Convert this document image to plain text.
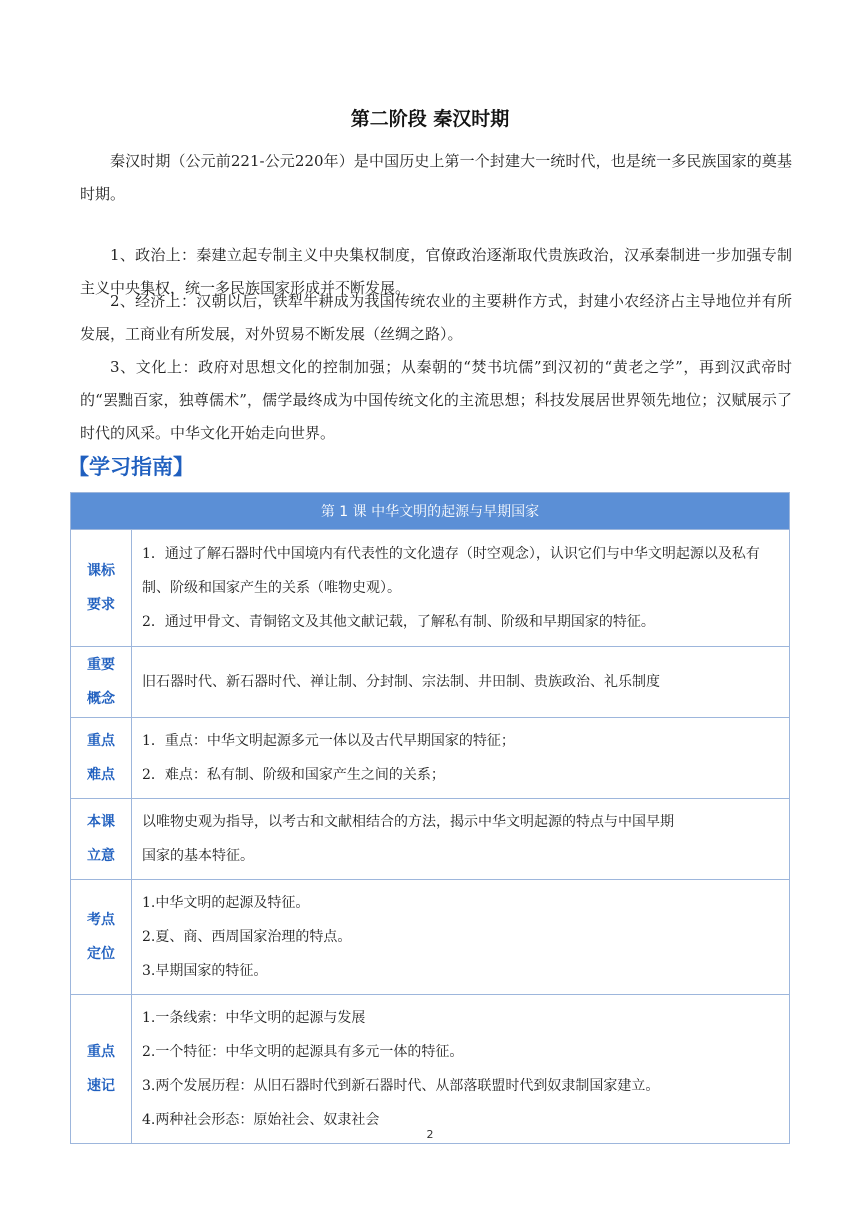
第二阶段 秦汉时期

秦汉时期（公元前221-公元220年）是中国历史上第一个封建大一统时代，也是统一多民族国家的奠基时期。

1、政治上：秦建立起专制主义中央集权制度，官僚政治逐渐取代贵族政治，汉承秦制进一步加强专制主义中央集权，统一多民族国家形成并不断发展。

2、经济上：汉朝以后，铁犁牛耕成为我国传统农业的主要耕作方式，封建小农经济占主导地位并有所发展，工商业有所发展，对外贸易不断发展（丝绸之路）。

3、文化上：政府对思想文化的控制加强；从秦朝的“焚书坑儒”到汉初的“黄老之学”，再到汉武帝时的“罢黜百家，独尊儒术”，儒学最终成为中国传统文化的主流思想；科技发展居世界领先地位；汉赋展示了时代的风采。中华文化开始走向世界。

【学习指南】
第 1 课 中华文明的起源与早期国家	

课标
要求	1．通过了解石器时代中国境内有代表性的文化遗存（时空观念），认识它们与中华文明起源以及私有制、阶级和国家产生的关系（唯物史观）。
2．通过甲骨文、青铜铭文及其他文献记载，了解私有制、阶级和早期国家的特征。

重要
概念	旧石器时代、新石器时代、禅让制、分封制、宗法制、井田制、贵族政治、礼乐制度

重点
难点	1．重点：中华文明起源多元一体以及古代早期国家的特征；
2．难点：私有制、阶级和国家产生之间的关系；

本课
立意	以唯物史观为指导，以考古和文献相结合的方法，揭示中华文明起源的特点与中国早期
国家的基本特征。

考点
定位	1.中华文明的起源及特征。
2.夏、商、西周国家治理的特点。
3.早期国家的特征。

重点
速记	1.一条线索：中华文明的起源与发展
2.一个特征：中华文明的起源具有多元一体的特征。
3.两个发展历程：从旧石器时代到新石器时代、从部落联盟时代到奴隶制国家建立。
4.两种社会形态：原始社会、奴隶社会
2
